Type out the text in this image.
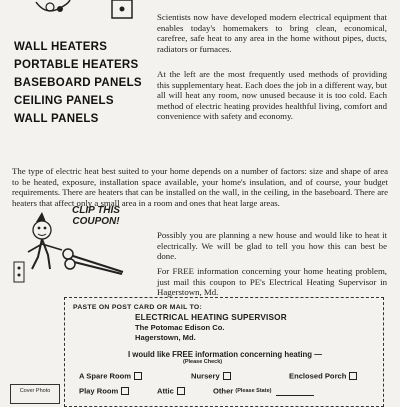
WALL HEATERS
PORTABLE HEATERS
BASEBOARD PANELS
CEILING PANELS
WALL PANELS

Scientists now have developed modern electrical equipment that enables today's homemakers to bring clean, economical, carefree, safe heat to any area in the home without pipes, ducts, radiators or furnaces.

At the left are the most frequently used methods of providing this supplementary heat. Each does the job in a different way, but all will heat any room, now unused because it is too cold. Each method of electric heating provides healthful living, comfort and convenience with safety and economy.

The type of electric heat best suited to your home depends on a number of factors: size and shape of area to be heated, exposure, installation space available, your home's insulation, and of course, your budget requirements. There are heaters that can be installed on the wall, in the ceiling, in the baseboard. There are heaters that affect only a small area in a room and ones that heat large areas.

Possibly you are planning a new house and would like to heat it electrically. We will be glad to tell you how this can best be done.

For FREE information concerning your home heating problem, just mail this coupon to PE's Electrical Heating Supervisor in Hagerstown, Md.

CLIP THIS COUPON!
PASTE ON POST CARD OR MAIL TO:
ELECTRICAL HEATING SUPERVISOR
The Potomac Edison Co.
Hagerstown, Md.
I would like FREE information concerning heating —
(Please Check)
A Spare Room	Nursery	Enclosed Porch
Play Room	Attic	Other (Please State)
Cover Photo
